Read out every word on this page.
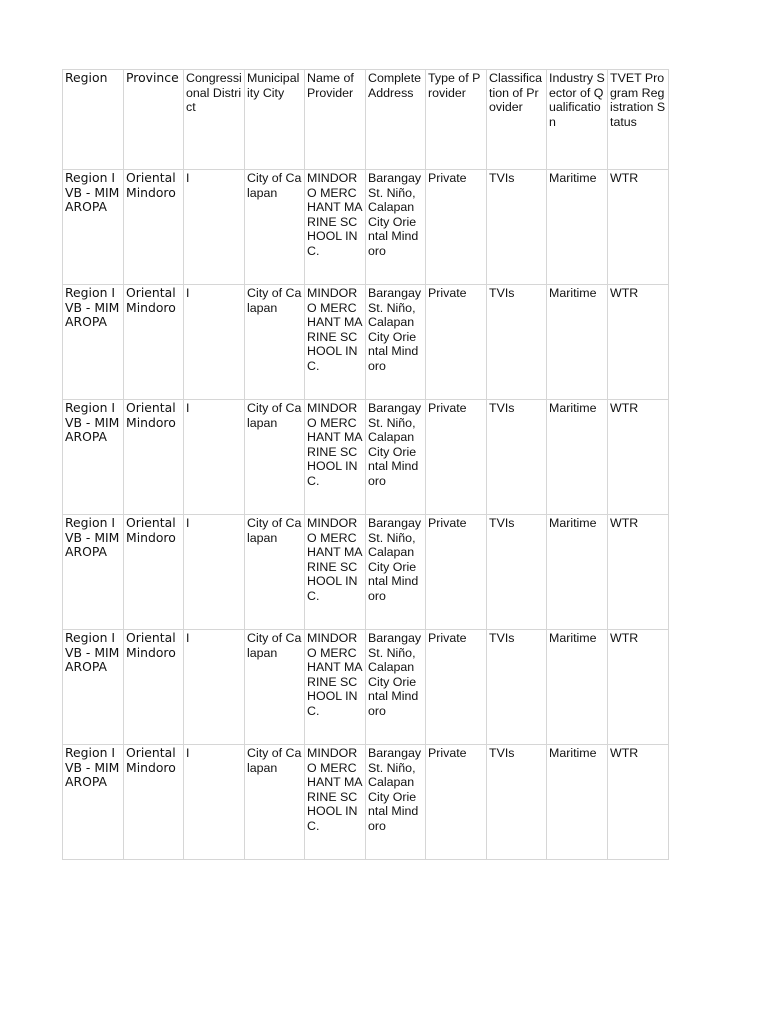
Region	Province	Congressional District	Municipality City	Name of Provider	Complete Address	Type of Provider	Classification of Provider	Industry Sector of Qualification	TVET Program Registration Status
Region IVB - MIMAROPA	Oriental Mindoro	I	City of Calapan	MINDORO MERCHANT MARINE SCHOOL INC.	Barangay St. Niño, Calapan City Oriental Mindoro	Private	TVIs	Maritime	WTR
Region IVB - MIMAROPA	Oriental Mindoro	I	City of Calapan	MINDORO MERCHANT MARINE SCHOOL INC.	Barangay St. Niño, Calapan City Oriental Mindoro	Private	TVIs	Maritime	WTR
Region IVB - MIMAROPA	Oriental Mindoro	I	City of Calapan	MINDORO MERCHANT MARINE SCHOOL INC.	Barangay St. Niño, Calapan City Oriental Mindoro	Private	TVIs	Maritime	WTR
Region IVB - MIMAROPA	Oriental Mindoro	I	City of Calapan	MINDORO MERCHANT MARINE SCHOOL INC.	Barangay St. Niño, Calapan City Oriental Mindoro	Private	TVIs	Maritime	WTR
Region IVB - MIMAROPA	Oriental Mindoro	I	City of Calapan	MINDORO MERCHANT MARINE SCHOOL INC.	Barangay St. Niño, Calapan City Oriental Mindoro	Private	TVIs	Maritime	WTR
Region IVB - MIMAROPA	Oriental Mindoro	I	City of Calapan	MINDORO MERCHANT MARINE SCHOOL INC.	Barangay St. Niño, Calapan City Oriental Mindoro	Private	TVIs	Maritime	WTR
